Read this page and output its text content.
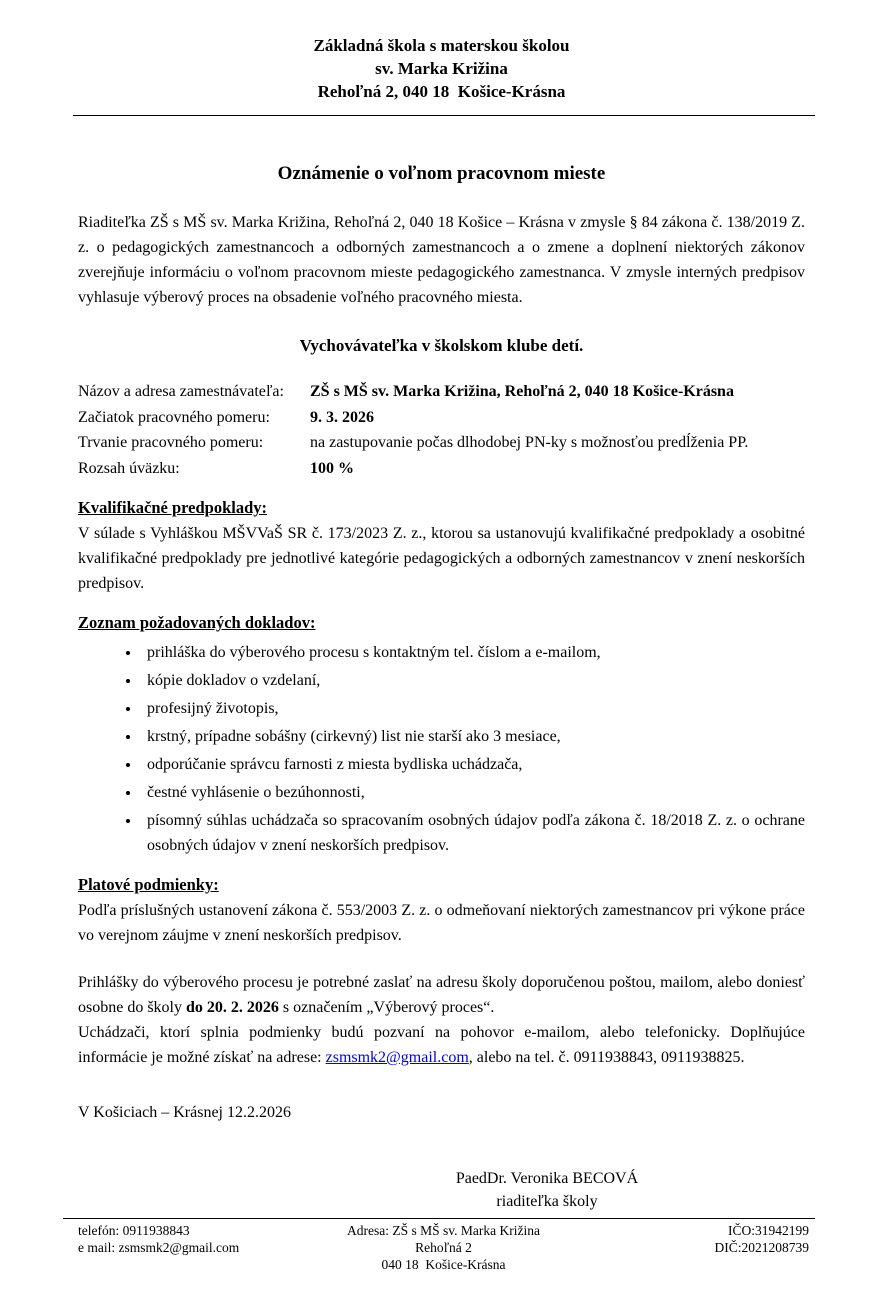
Základná škola s materskou školou
sv. Marka Križina
Rehoľná 2, 040 18  Košice-Krásna
Oznámenie o voľnom pracovnom mieste

Riaditeľka ZŠ s MŠ sv. Marka Križina, Rehoľná 2, 040 18 Košice – Krásna v zmysle § 84 zákona č. 138/2019 Z. z. o pedagogických zamestnancoch a odborných zamestnancoch a o zmene a doplnení niektorých zákonov zverejňuje informáciu o voľnom pracovnom mieste pedagogického zamestnanca. V zmysle interných predpisov vyhlasuje výberový proces na obsadenie voľného pracovného miesta.

Vychovávateľka v školskom klube detí.
Názov a adresa zamestnávateľa:	ZŠ s MŠ sv. Marka Križina, Rehoľná 2, 040 18 Košice-Krásna
Začiatok pracovného pomeru:	9. 3. 2026
Trvanie pracovného pomeru:	na zastupovanie počas dlhodobej PN-ky s možnosťou predĺženia PP.
Rozsah úväzku:	100 %
Kvalifikačné predpoklady:

V súlade s Vyhláškou MŠVVaŠ SR č. 173/2023 Z. z., ktorou sa ustanovujú kvalifikačné predpoklady a osobitné kvalifikačné predpoklady pre jednotlivé kategórie pedagogických a odborných zamestnancov v znení neskorších predpisov.

Zoznam požadovaných dokladov:
• prihláška do výberového procesu s kontaktným tel. číslom a e-mailom,
• kópie dokladov o vzdelaní,
• profesijný životopis,
• krstný, prípadne sobášny (cirkevný) list nie starší ako 3 mesiace,
• odporúčanie správcu farnosti z miesta bydliska uchádzača,
• čestné vyhlásenie o bezúhonnosti,
• písomný súhlas uchádzača so spracovaním osobných údajov podľa zákona č. 18/2018 Z. z. o ochrane osobných údajov v znení neskorších predpisov.
Platové podmienky:

Podľa príslušných ustanovení zákona č. 553/2003 Z. z. o odmeňovaní niektorých zamestnancov pri výkone práce vo verejnom záujme v znení neskorších predpisov.

Prihlášky do výberového procesu je potrebné zaslať na adresu školy doporučenou poštou, mailom, alebo doniesť osobne do školy do 20. 2. 2026 s označením „Výberový proces“.

Uchádzači, ktorí splnia podmienky budú pozvaní na pohovor e-mailom, alebo telefonicky. Doplňujúce informácie je možné získať na adrese: zsmsmk2@gmail.com, alebo na tel. č. 0911938843, 0911938825.

V Košiciach – Krásnej 12.2.2026
PaedDr. Veronika BECOVÁ
riaditeľka školy
telefón: 0911938843
e mail: zsmsmk2@gmail.com
Adresa: ZŠ s MŠ sv. Marka Križina
Rehoľná 2
040 18  Košice-Krásna
IČO:31942199
DIČ:2021208739
